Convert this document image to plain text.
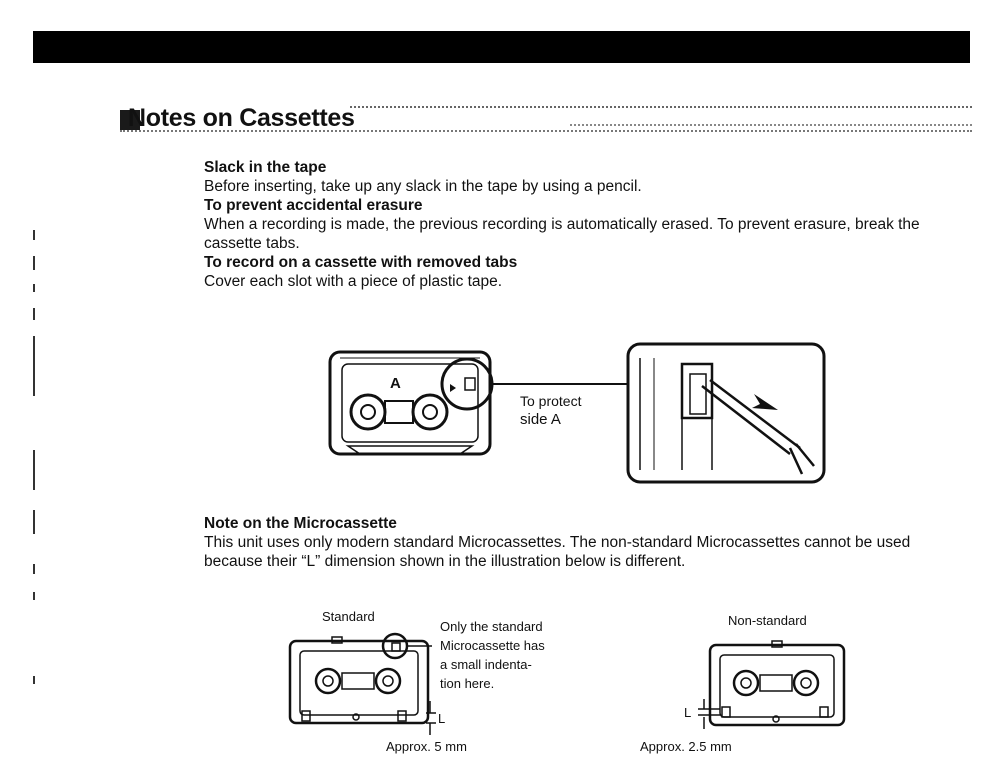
Notes on Cassettes
Slack in the tape
Before inserting, take up any slack in the tape by using a pencil.
To prevent accidental erasure
When a recording is made, the previous recording is automatically erased. To prevent erasure, break the cassette tabs.
To record on a cassette with removed tabs
Cover each slot with a piece of plastic tape.
A
To protect
side A
Note on the Microcassette
This unit uses only modern standard Microcassettes. The non-standard Microcassettes cannot be used because their “L” dimension shown in the illustration below is different.
Standard
Only the standard
Microcassette has
a small indenta-
tion here.
L
Approx. 5 mm
Non-standard
L
Approx. 2.5 mm
